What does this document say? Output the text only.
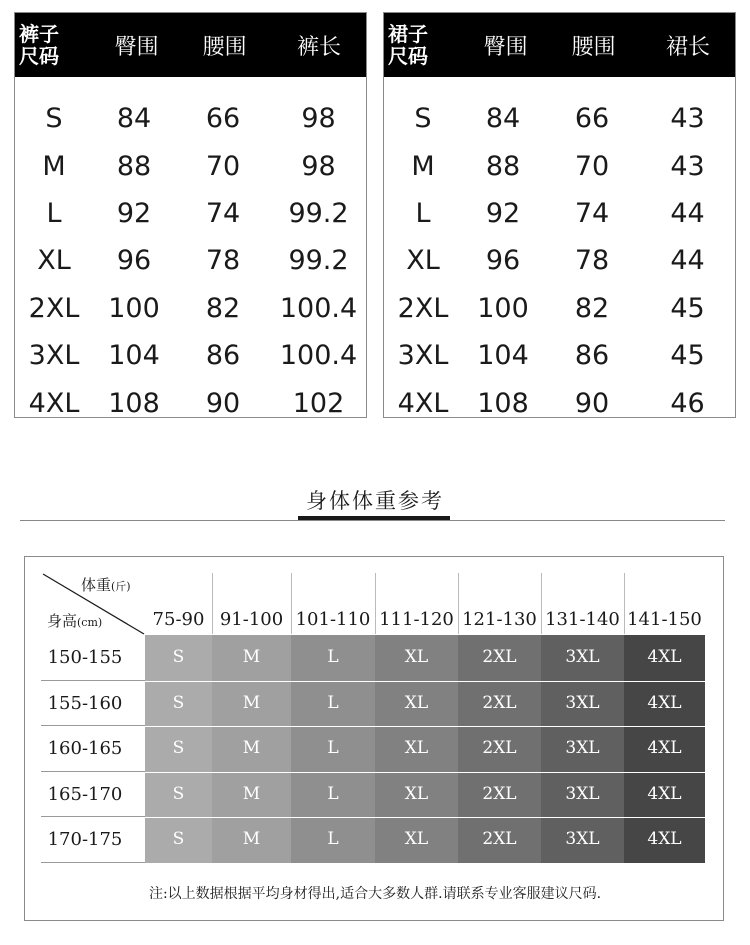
裤子
尺码	臀围	腰围	裤长
S	84	66	98
M	88	70	98
L	92	74	99.2
XL	96	78	99.2
2XL	100	82	100.4
3XL	104	86	100.4
4XL	108	90	102
裙子
尺码	臀围	腰围	裙长
S	84	66	43
M	88	70	43
L	92	74	44
XL	96	78	44
2XL	100	82	45
3XL	104	86	45
4XL	108	90	46
身体体重参考
体重(斤)
身高(cm)	75-90 91-100 101-110 111-120 121-130 131-140 141-150
150-155	S	M	L	XL	2XL	3XL	4XL
155-160	S	M	L	XL	2XL	3XL	4XL
160-165	S	M	L	XL	2XL	3XL	4XL
165-170	S	M	L	XL	2XL	3XL	4XL
170-175	S	M	L	XL	2XL	3XL	4XL
注:以上数据根据平均身材得出,适合大多数人群.请联系专业客服建议尺码.
